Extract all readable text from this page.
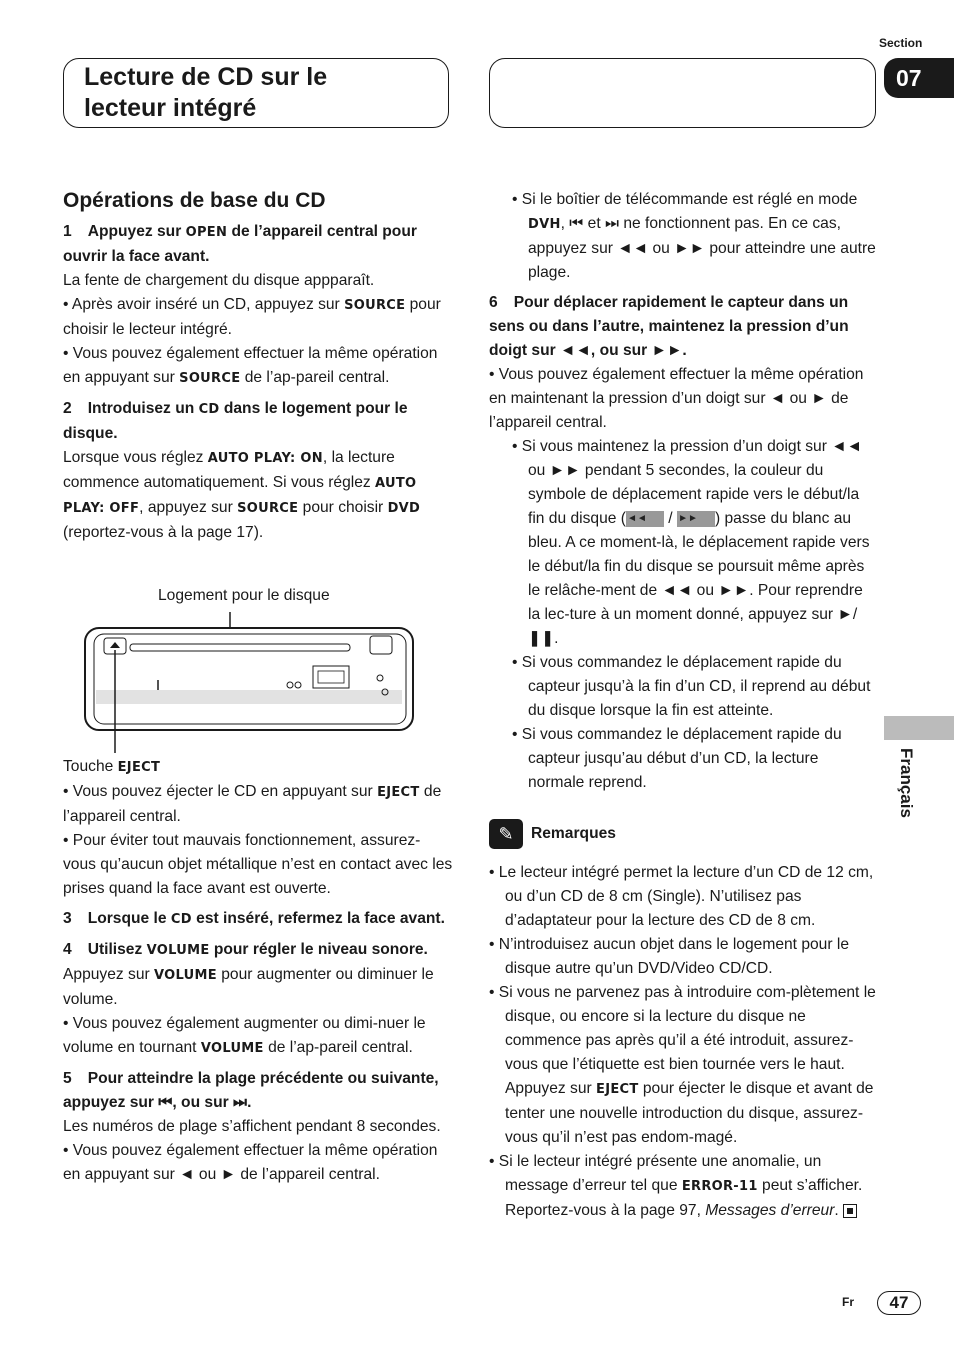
Section
07
Lecture de CD sur le
lecteur intégré

Opérations de base du CD

1 Appuyez sur OPEN de l’appareil central pour ouvrir la face avant.

La fente de chargement du disque appparaît.

• Après avoir inséré un CD, appuyez sur SOURCE pour choisir le lecteur intégré.

• Vous pouvez également effectuer la même opération en appuyant sur SOURCE de l’ap-pareil central.

2 Introduisez un CD dans le logement pour le disque.

Lorsque vous réglez AUTO PLAY: ON, la lecture commence automatiquement. Si vous réglez AUTO PLAY: OFF, appuyez sur SOURCE pour choisir DVD (reportez-vous à la page 17).

Logement pour le disque

Touche EJECT

• Vous pouvez éjecter le CD en appuyant sur EJECT de l’appareil central.

• Pour éviter tout mauvais fonctionnement, assurez-vous qu’aucun objet métallique n’est en contact avec les prises quand la face avant est ouverte.

3 Lorsque le CD est inséré, refermez la face avant.

4 Utilisez VOLUME pour régler le niveau sonore.

Appuyez sur VOLUME pour augmenter ou diminuer le volume.

• Vous pouvez également augmenter ou dimi-nuer le volume en tournant VOLUME de l’ap-pareil central.

5 Pour atteindre la plage précédente ou suivante, appuyez sur ⏮, ou sur ⏭.

Les numéros de plage s’affichent pendant 8 secondes.

• Vous pouvez également effectuer la même opération en appuyant sur ◄ ou ► de l’appareil central.

• Si le boîtier de télécommande est réglé en mode DVH, ⏮ et ⏭ ne fonctionnent pas. En ce cas, appuyez sur ◄◄ ou ►► pour atteindre une autre plage.

6 Pour déplacer rapidement le capteur dans un sens ou dans l’autre, maintenez la pression d’un doigt sur ◄◄, ou sur ►►.

• Vous pouvez également effectuer la même opération en maintenant la pression d’un doigt sur ◄ ou ► de l’appareil central.

• Si vous maintenez la pression d’un doigt sur ◄◄ ou ►► pendant 5 secondes, la couleur du symbole de déplacement rapide vers le début/la fin du disque (◄◄ / ►► ) passe du blanc au bleu. A ce moment-là, le déplacement rapide vers le début/la fin du disque se poursuit même après le relâche-ment de ◄◄ ou ►►. Pour reprendre la lec-ture à un moment donné, appuyez sur ►/❚❚.

• Si vous commandez le déplacement rapide du capteur jusqu’à la fin d’un CD, il reprend au début du disque lorsque la fin est atteinte.

• Si vous commandez le déplacement rapide du capteur jusqu’au début d’un CD, la lecture normale reprend.

✎	Remarques

• Le lecteur intégré permet la lecture d’un CD de 12 cm, ou d’un CD de 8 cm (Single). N’utilisez pas d’adaptateur pour la lecture des CD de 8 cm.

• N’introduisez aucun objet dans le logement pour le disque autre qu’un DVD/Video CD/CD.

• Si vous ne parvenez pas à introduire com-plètement le disque, ou encore si la lecture du disque ne commence pas après qu’il a été introduit, assurez-vous que l’étiquette est bien tournée vers le haut.

Appuyez sur EJECT pour éjecter le disque et avant de tenter une nouvelle introduction du disque, assurez-vous qu’il n’est pas endom-magé.

• Si le lecteur intégré présente une anomalie, un message d’erreur tel que ERROR-11 peut s’afficher. Reportez-vous à la page 97, Messages d’erreur.

Français
Fr	47
